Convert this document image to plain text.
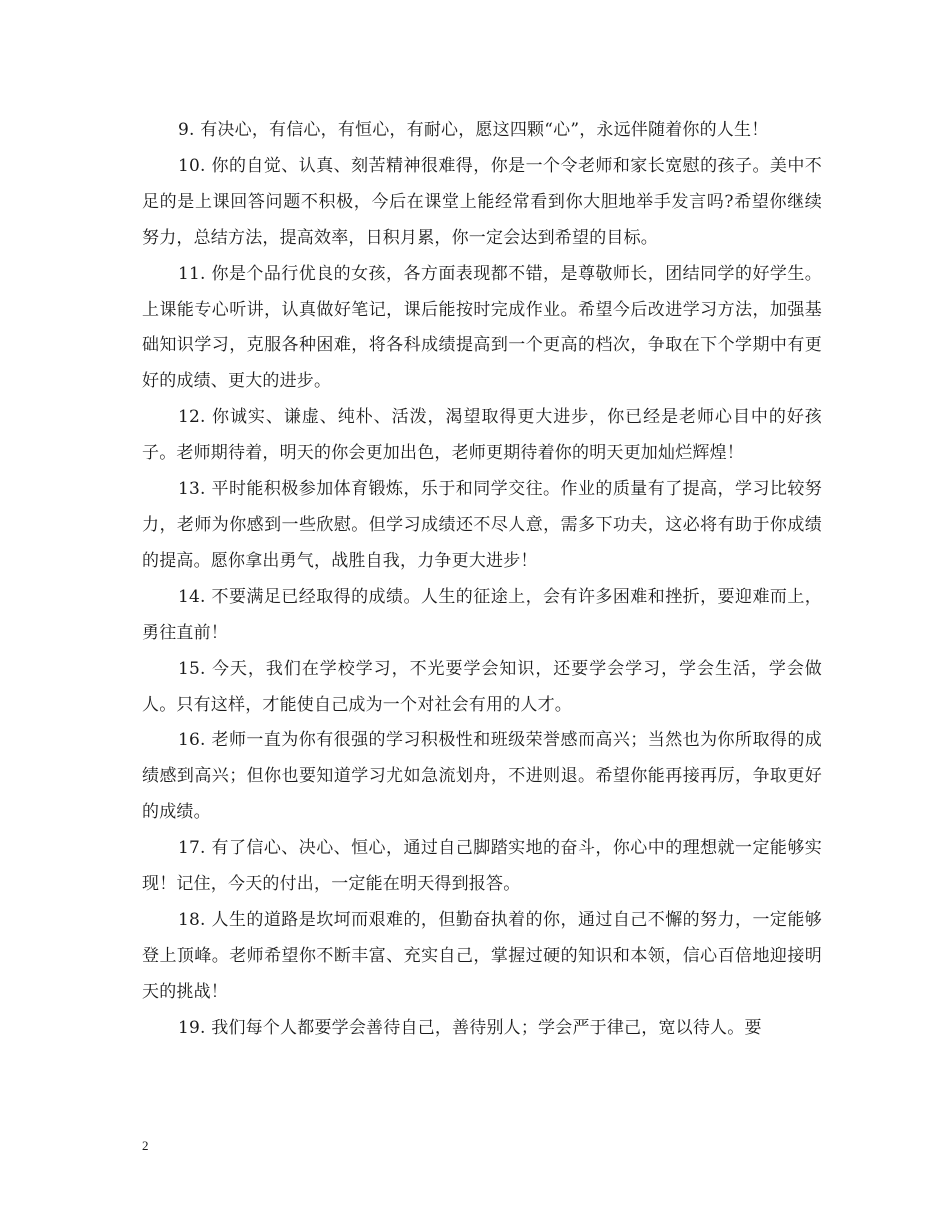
9. 有决心，有信心，有恒心，有耐心，愿这四颗“心”，永远伴随着你的人生！

10. 你的自觉、认真、刻苦精神很难得，你是一个令老师和家长宽慰的孩子。美中不足的是上课回答问题不积极，今后在课堂上能经常看到你大胆地举手发言吗?希望你继续努力，总结方法，提高效率，日积月累，你一定会达到希望的目标。

11. 你是个品行优良的女孩，各方面表现都不错，是尊敬师长，团结同学的好学生。上课能专心听讲，认真做好笔记，课后能按时完成作业。希望今后改进学习方法，加强基础知识学习，克服各种困难，将各科成绩提高到一个更高的档次，争取在下个学期中有更好的成绩、更大的进步。

12. 你诚实、谦虚、纯朴、活泼，渴望取得更大进步，你已经是老师心目中的好孩子。老师期待着，明天的你会更加出色，老师更期待着你的明天更加灿烂辉煌！

13. 平时能积极参加体育锻炼，乐于和同学交往。作业的质量有了提高，学习比较努力，老师为你感到一些欣慰。但学习成绩还不尽人意，需多下功夫，这必将有助于你成绩的提高。愿你拿出勇气，战胜自我，力争更大进步！

14. 不要满足已经取得的成绩。人生的征途上，会有许多困难和挫折，要迎难而上，勇往直前！

15. 今天，我们在学校学习，不光要学会知识，还要学会学习，学会生活，学会做人。只有这样，才能使自己成为一个对社会有用的人才。

16. 老师一直为你有很强的学习积极性和班级荣誉感而高兴；当然也为你所取得的成绩感到高兴；但你也要知道学习尤如急流划舟，不进则退。希望你能再接再厉，争取更好的成绩。

17. 有了信心、决心、恒心，通过自己脚踏实地的奋斗，你心中的理想就一定能够实现！记住，今天的付出，一定能在明天得到报答。

18. 人生的道路是坎坷而艰难的，但勤奋执着的你，通过自己不懈的努力，一定能够登上顶峰。老师希望你不断丰富、充实自己，掌握过硬的知识和本领，信心百倍地迎接明天的挑战！

19. 我们每个人都要学会善待自己，善待别人；学会严于律己，宽以待人。要

2
